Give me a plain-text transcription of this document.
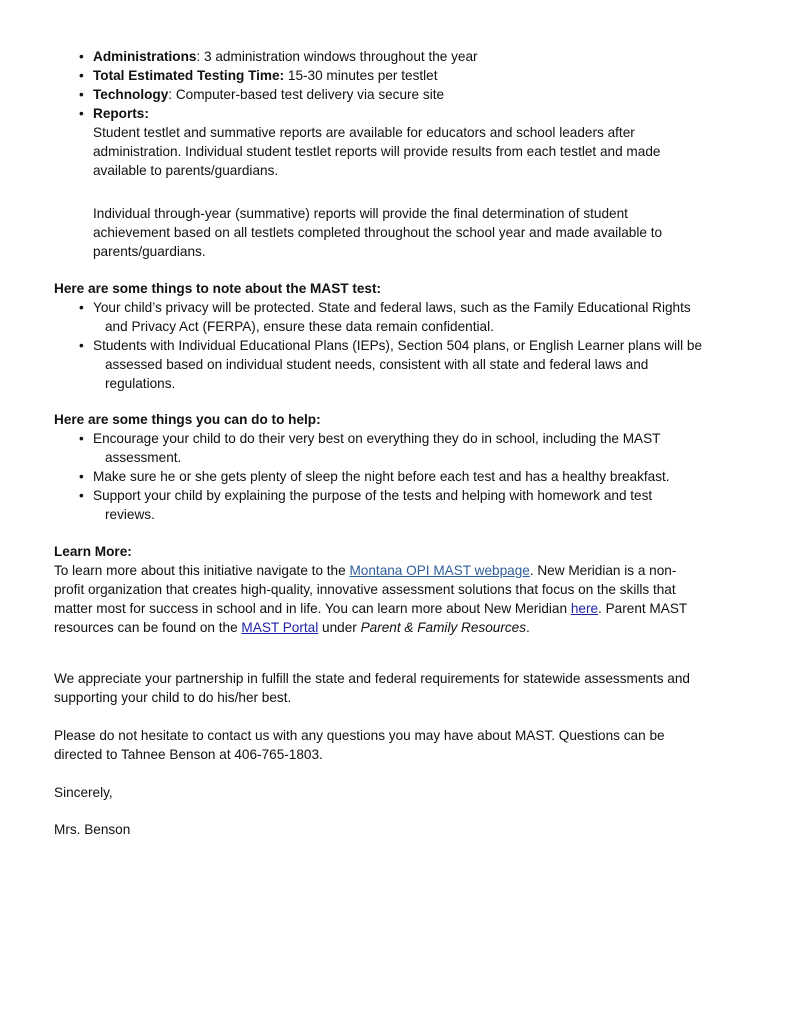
• Administrations: 3 administration windows throughout the year
• Total Estimated Testing Time: 15-30 minutes per testlet
• Technology: Computer-based test delivery via secure site
• Reports:
Student testlet and summative reports are available for educators and school leaders after
administration. Individual student testlet reports will provide results from each testlet and made
available to parents/guardians.
Individual through-year (summative) reports will provide the final determination of student
achievement based on all testlets completed throughout the school year and made available to
parents/guardians.
Here are some things to note about the MAST test:
• Your child’s privacy will be protected. State and federal laws, such as the Family Educational Rights
and Privacy Act (FERPA), ensure these data remain confidential.
• Students with Individual Educational Plans (IEPs), Section 504 plans, or English Learner plans will be
assessed based on individual student needs, consistent with all state and federal laws and
regulations.
Here are some things you can do to help:
• Encourage your child to do their very best on everything they do in school, including the MAST
assessment.
• Make sure he or she gets plenty of sleep the night before each test and has a healthy breakfast.
• Support your child by explaining the purpose of the tests and helping with homework and test
reviews.
Learn More:
To learn more about this initiative navigate to the Montana OPI MAST webpage. New Meridian is a non-
profit organization that creates high-quality, innovative assessment solutions that focus on the skills that
matter most for success in school and in life. You can learn more about New Meridian here. Parent MAST
resources can be found on the MAST Portal under Parent & Family Resources.
We appreciate your partnership in fulfill the state and federal requirements for statewide assessments and
supporting your child to do his/her best.
Please do not hesitate to contact us with any questions you may have about MAST. Questions can be
directed to Tahnee Benson at 406-765-1803.
Sincerely,
Mrs. Benson
